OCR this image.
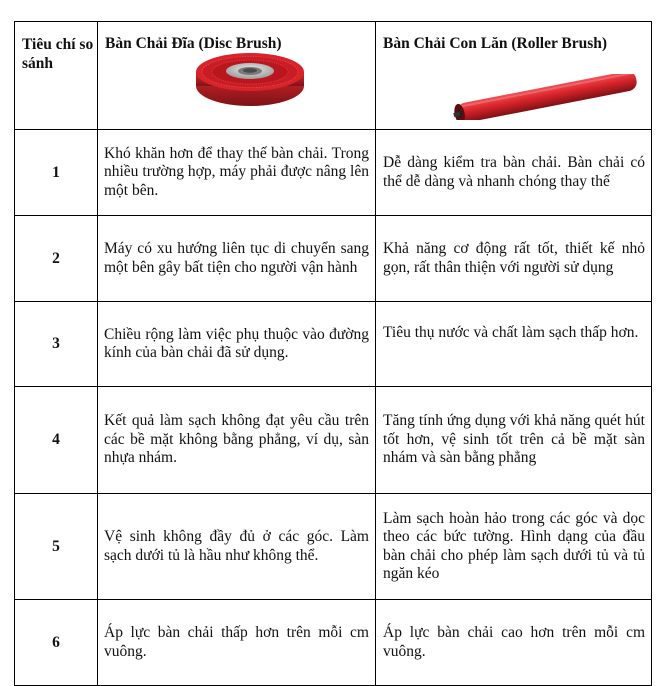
Tiêu chí so sánh	Bàn Chải Đĩa (Disc Brush)	Bàn Chải Con Lăn (Roller Brush)

1	Khó khăn hơn để thay thế bàn chải. Trong nhiều trường hợp, máy phải được nâng lên một bên.	Dễ dàng kiểm tra bàn chải. Bàn chải có thể dễ dàng và nhanh chóng thay thế

2	Máy có xu hướng liên tục di chuyển sang một bên gây bất tiện cho người vận hành	Khả năng cơ động rất tốt, thiết kế nhỏ gọn, rất thân thiện với người sử dụng

3	Chiều rộng làm việc phụ thuộc vào đường kính của bàn chải đã sử dụng.	Tiêu thụ nước và chất làm sạch thấp hơn.

4	Kết quả làm sạch không đạt yêu cầu trên các bề mặt không bằng phẳng, ví dụ, sàn nhựa nhám.	Tăng tính ứng dụng với khả năng quét hút tốt hơn, vệ sinh tốt trên cả bề mặt sàn nhám và sàn bằng phẳng

5	Vệ sinh không đầy đủ ở các góc. Làm sạch dưới tủ là hầu như không thể.	Làm sạch hoàn hảo trong các góc và dọc theo các bức tường. Hình dạng của đầu bàn chải cho phép làm sạch dưới tủ và tủ ngăn kéo

6	Áp lực bàn chải thấp hơn trên mỗi cm vuông.	Áp lực bàn chải cao hơn trên mỗi cm vuông.
